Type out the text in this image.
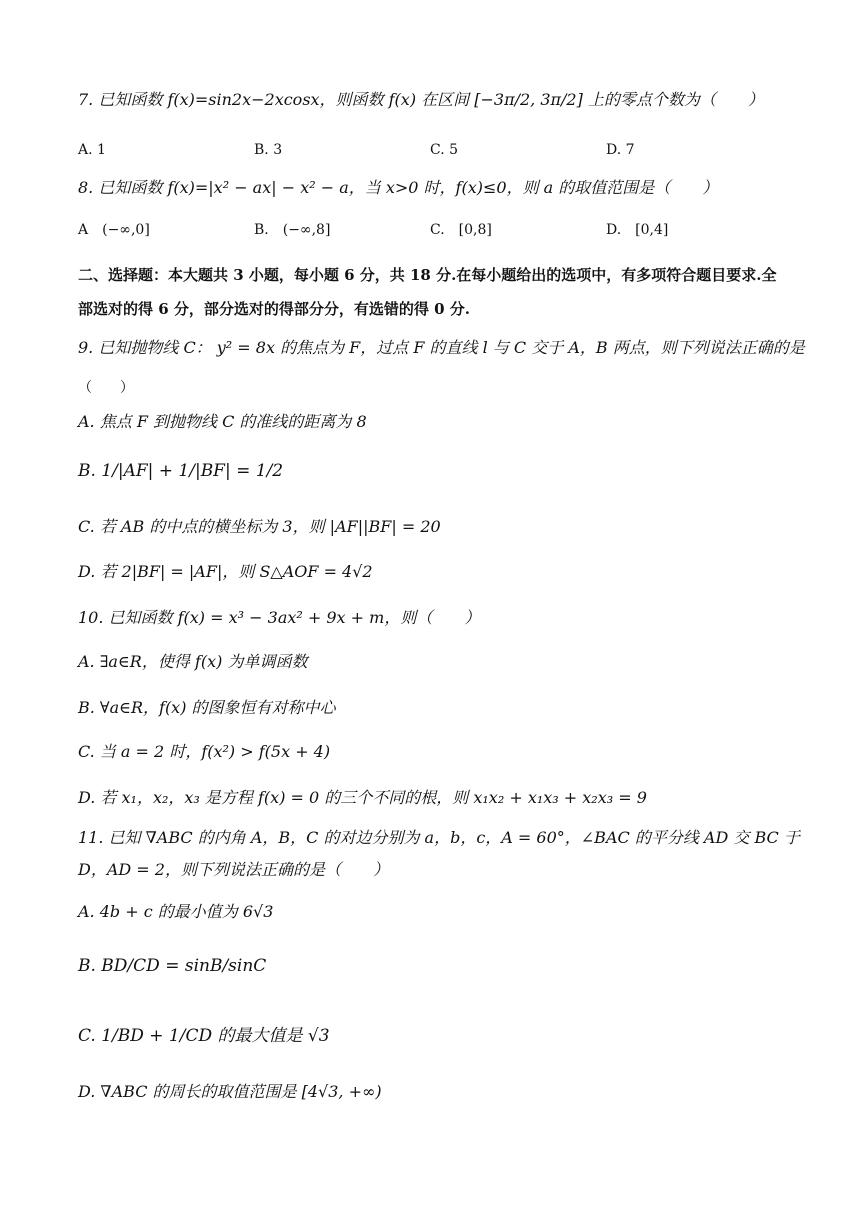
7. 已知函数 f(x)=sin2x−2xcosx，则函数 f(x) 在区间 [−3π/2, 3π/2] 上的零点个数为（　　）
A. 1	B. 3	C. 5	D. 7
8. 已知函数 f(x)=|x² − ax| − x² − a，当 x>0 时，f(x)≤0，则 a 的取值范围是（　　）
A　(−∞,0]	B.　(−∞,8]	C.　[0,8]	D.　[0,4]
二、选择题：本大题共 3 小题，每小题 6 分，共 18 分.在每小题给出的选项中，有多项符合题目要求.全部选对的得 6 分，部分选对的得部分分，有选错的得 0 分.
9. 已知抛物线 C： y² = 8x 的焦点为 F，过点 F 的直线 l 与 C 交于 A，B 两点，则下列说法正确的是
（　　）
A. 焦点 F 到抛物线 C 的准线的距离为 8
B. 1/|AF| + 1/|BF| = 1/2
C. 若 AB 的中点的横坐标为 3，则 |AF||BF| = 20
D. 若 2|BF| = |AF|，则 S△AOF = 4√2
10. 已知函数 f(x) = x³ − 3ax² + 9x + m，则（　　）
A. ∃a∈R，使得 f(x) 为单调函数
B. ∀a∈R，f(x) 的图象恒有对称中心
C. 当 a = 2 时，f(x²) > f(5x + 4)
D. 若 x₁，x₂，x₃ 是方程 f(x) = 0 的三个不同的根，则 x₁x₂ + x₁x₃ + x₂x₃ = 9
11. 已知 ∇ABC 的内角 A，B，C 的对边分别为 a，b，c，A = 60°，∠BAC 的平分线 AD 交 BC 于
D，AD = 2，则下列说法正确的是（　　）
A. 4b + c 的最小值为 6√3
B. BD/CD = sinB/sinC
C. 1/BD + 1/CD 的最大值是 √3
D. ∇ABC 的周长的取值范围是 [4√3, +∞)
